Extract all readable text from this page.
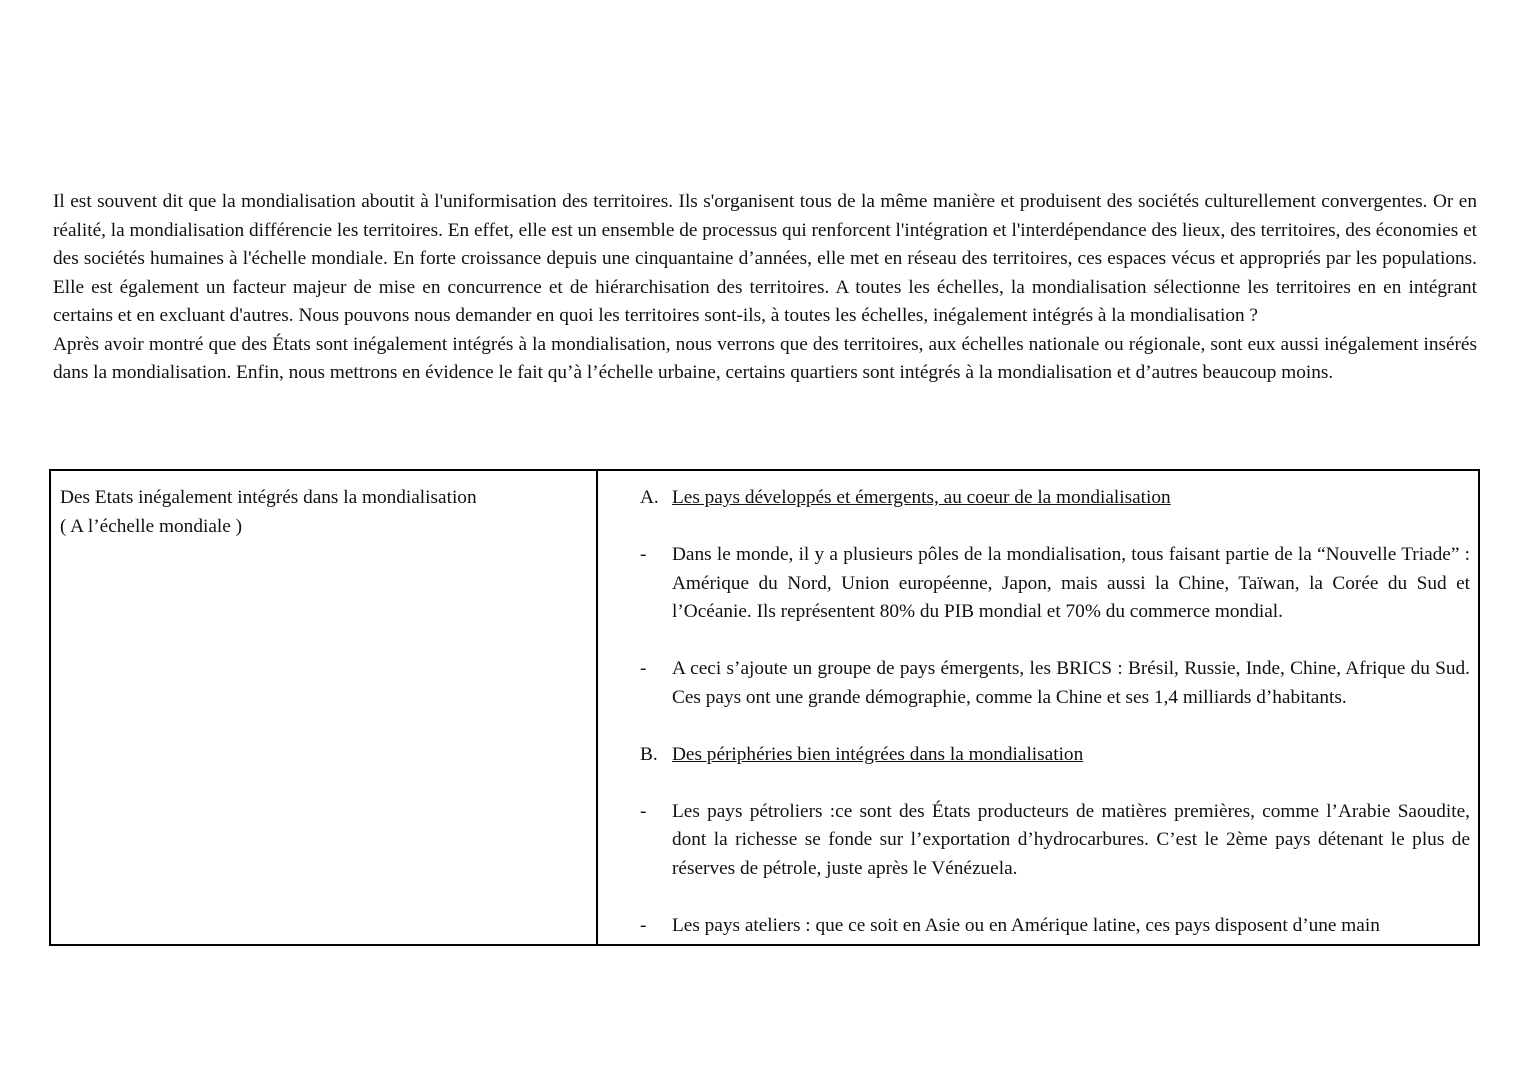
Il est souvent dit que la mondialisation aboutit à l'uniformisation des territoires. Ils s'organisent tous de la même manière et produisent des sociétés culturellement convergentes. Or en réalité, la mondialisation différencie les territoires. En effet, elle est un ensemble de processus qui renforcent l'intégration et l'interdépendance des lieux, des territoires, des économies et des sociétés humaines à l'échelle mondiale. En forte croissance depuis une cinquantaine d’années, elle met en réseau des territoires, ces espaces vécus et appropriés par les populations. Elle est également un facteur majeur de mise en concurrence et de hiérarchisation des territoires. A toutes les échelles, la mondialisation sélectionne les territoires en en intégrant certains et en excluant d'autres. Nous pouvons nous demander en quoi les territoires sont-ils, à toutes les échelles, inégalement intégrés à la mondialisation ?

Après avoir montré que des États sont inégalement intégrés à la mondialisation, nous verrons que des territoires, aux échelles nationale ou régionale, sont eux aussi inégalement insérés dans la mondialisation. Enfin, nous mettrons en évidence le fait qu’à l’échelle urbaine, certains quartiers sont intégrés à la mondialisation et d’autres beaucoup moins.

Des Etats inégalement intégrés dans la mondialisation
( A l’échelle mondiale )
A. Les pays développés et émergents, au coeur de la mondialisation
-	Dans le monde, il y a plusieurs pôles de la mondialisation, tous faisant partie de la “Nouvelle Triade” : Amérique du Nord, Union européenne, Japon, mais aussi la Chine, Taïwan, la Corée du Sud et l’Océanie. Ils représentent 80% du PIB mondial et 70% du commerce mondial.
-	A ceci s’ajoute un groupe de pays émergents, les BRICS : Brésil, Russie, Inde, Chine, Afrique du Sud. Ces pays ont une grande démographie, comme la Chine et ses 1,4 milliards d’habitants.
B. Des périphéries bien intégrées dans la mondialisation
-	Les pays pétroliers :ce sont des États producteurs de matières premières, comme l’Arabie Saoudite, dont la richesse se fonde sur l’exportation d’hydrocarbures. C’est le 2ème pays détenant le plus de réserves de pétrole, juste après le Vénézuela.
-	Les pays ateliers : que ce soit en Asie ou en Amérique latine, ces pays disposent d’une main
